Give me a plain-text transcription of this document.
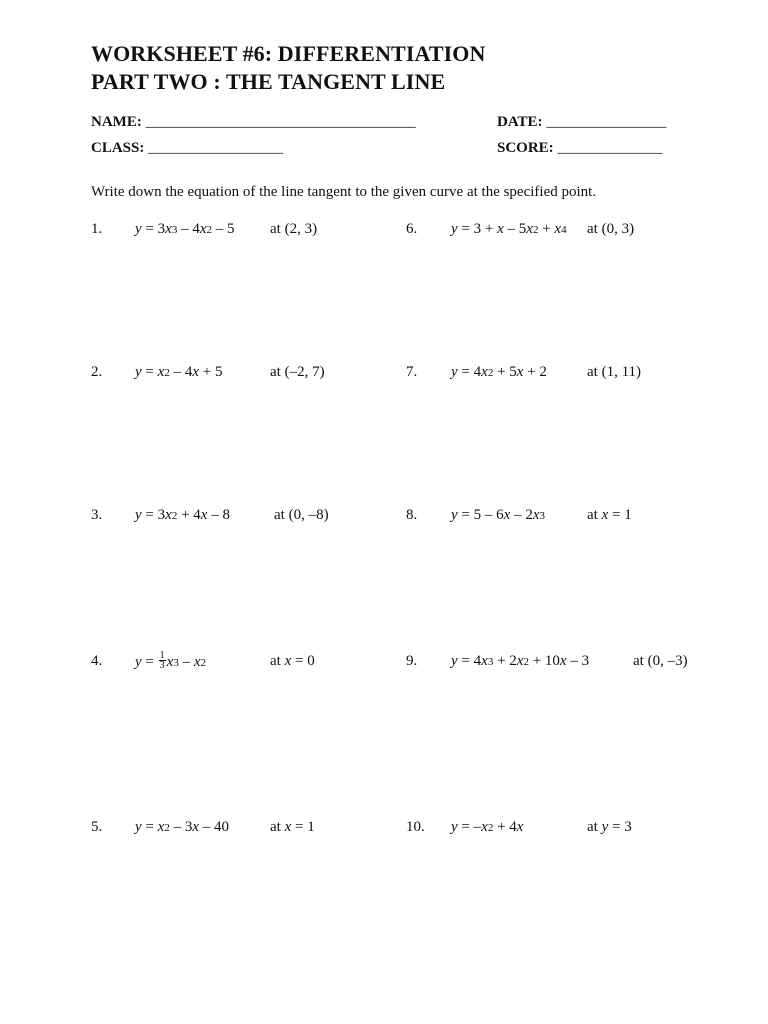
WORKSHEET #6: DIFFERENTIATION
PART TWO : THE TANGENT LINE
NAME: ____________________________________	DATE: ________________
CLASS: __________________	SCORE: ______________
Write down the equation of the line tangent to the given curve at the specified point.
1. y = 3x3 – 4x2 – 5 at (2, 3)
2. y = x2 – 4x + 5	at (–2, 7)
3. y = 3x2 + 4x – 8	at (0, –8)
4. $y = \frac{1}{3} x3 - x2$	at x = 0
5. y = x2 – 3x – 40	at x = 1
6. y = 3 + x – 5x2 + x4 at (0, 3)
7. y = 4x2 + 5x + 2	at (1, 11)
8. y = 5 – 6x – 2x3	at x = 1
9. y = 4x3 + 2x2 + 10x – 3	at (0, –3)
10. y = –x2 + 4x	at y = 3
